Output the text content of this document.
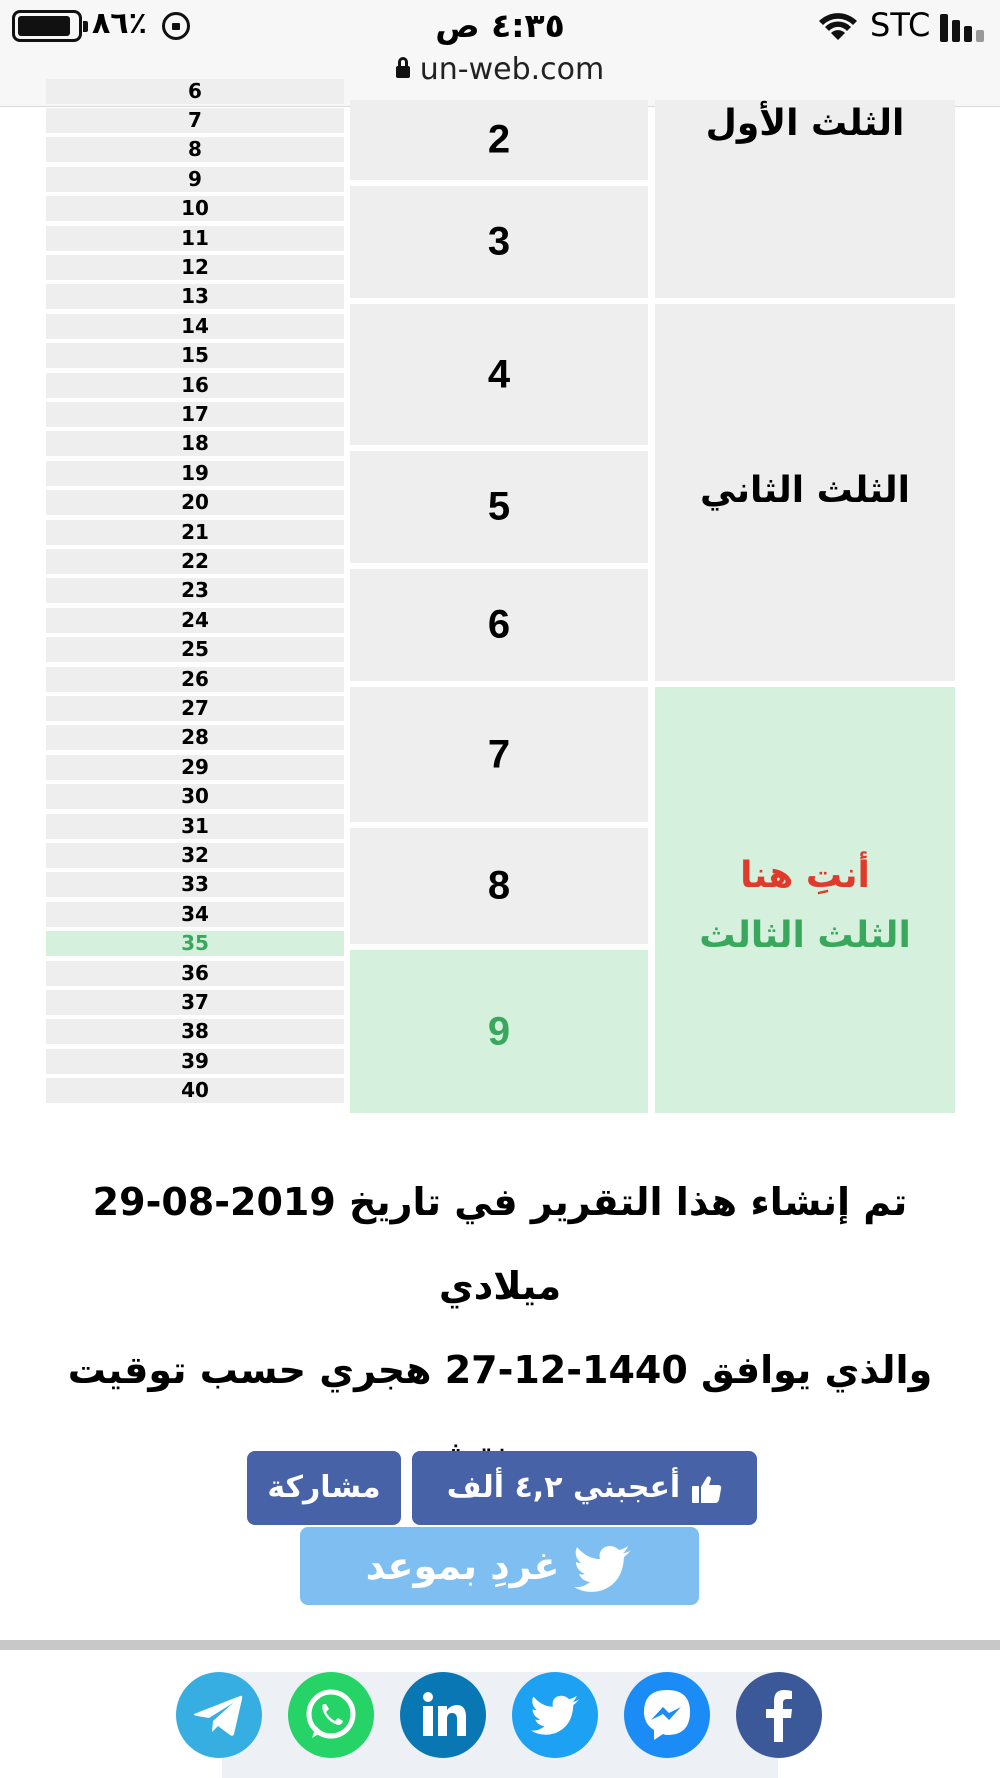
٪٨٦	٤:٣٥ ص
un-web.com
STC
6
7
8
9
10
11
12
13
14
15
16
17
18
19
20
21
22
23
24
25
26
27
28
29
30
31
32
33
34
35
36
37
38
39
40
2
3
4
5
6
7
8
9
الثلث الأول
الثلث الثاني
أنتِ هنا
الثلث الثالث
تم إنشاء هذا التقرير في تاريخ 2019-08-29 ميلادي
والذي يوافق 1440-12-27 هجري حسب توقيت
أعجبني ٤,٢ ألف
مشاركة
غردِ بموعد
